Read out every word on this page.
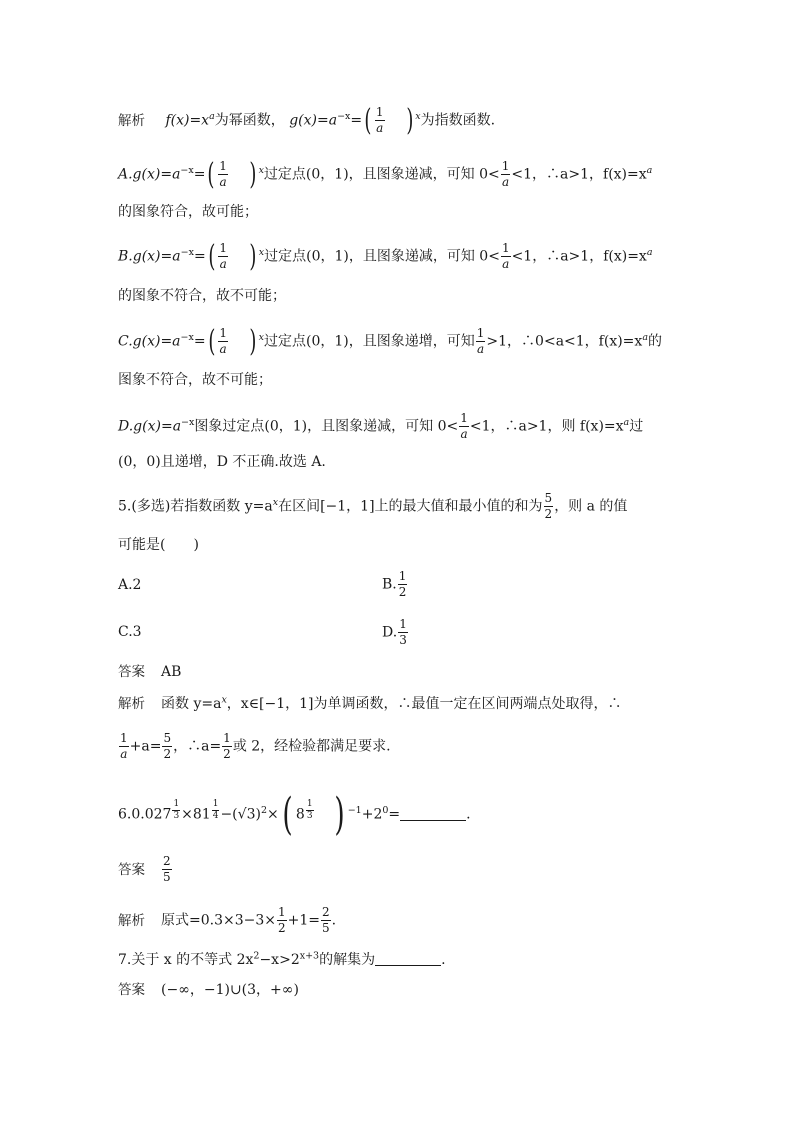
解析 $f(x)=x^a$为幂函数， $g(x)=a^{-x}=( \frac{1}{a}$ ) $^x$为指数函数.
$A.g(x)=a^{-x}=( \frac{1}{a}$ ) $^x$过定点(0，1)，且图象递减，可知 $0< \frac{1}{a} <1$，∴a>1，$f(x)=x^a$
的图象符合，故可能；
$B.g(x)=a^{-x}=( \frac{1}{a}$ ) $^x$过定点(0，1)，且图象递减，可知 $0< \frac{1}{a} <1$，∴a>1，$f(x)=x^a$
的图象不符合，故不可能；
$C.g(x)=a^{-x}=( \frac{1}{a}$ ) $^x$过定点(0，1)，且图象递增，可知 $\frac{1}{a} >1$，∴0<a<1，$f(x)=x^a$的
图象不符合，故不可能；
$D.g(x)=a^{-x}$图象过定点(0，1)，且图象递减，可知 $0< \frac{1}{a} <1$，∴a>1，则 $f(x)=x^a$过
(0，0)且递增，D 不正确.故选 A.
5.(多选)若指数函数 $y=a^x$在区间[−1，1]上的最大值和最小值的和为 $\frac{5}{2}$ ，则 a 的值
可能是(　　)
A.2	B. $\frac{1}{2}$
C.3	D. $\frac{1}{3}$
答案 AB
解析 函数 $y=a^x$，x∈[−1，1]为单调函数，∴最值一定在区间两端点处取得，∴
$\frac{1}{a} +a= \frac{5}{2}$ ，∴a= $\frac{1}{2}$ 或 2，经检验都满足要求.
6.0.027 $^{\frac{1}{3}}$ ×81 $^{\frac{1}{4}} -(√3)^2\times$( 8 $^{\frac{1}{3}}$ ) $^{-1}+2^0=$	.
答案 $\frac{2}{5}$
解析 原式$=0.3\times 3-3\times \frac{1}{2} +1= \frac{2}{5}$ .
7.关于 x 的不等式 $2x^2-x>2^{x+3}$的解集为	.
答案 (−∞，−1)∪(3，+∞)
